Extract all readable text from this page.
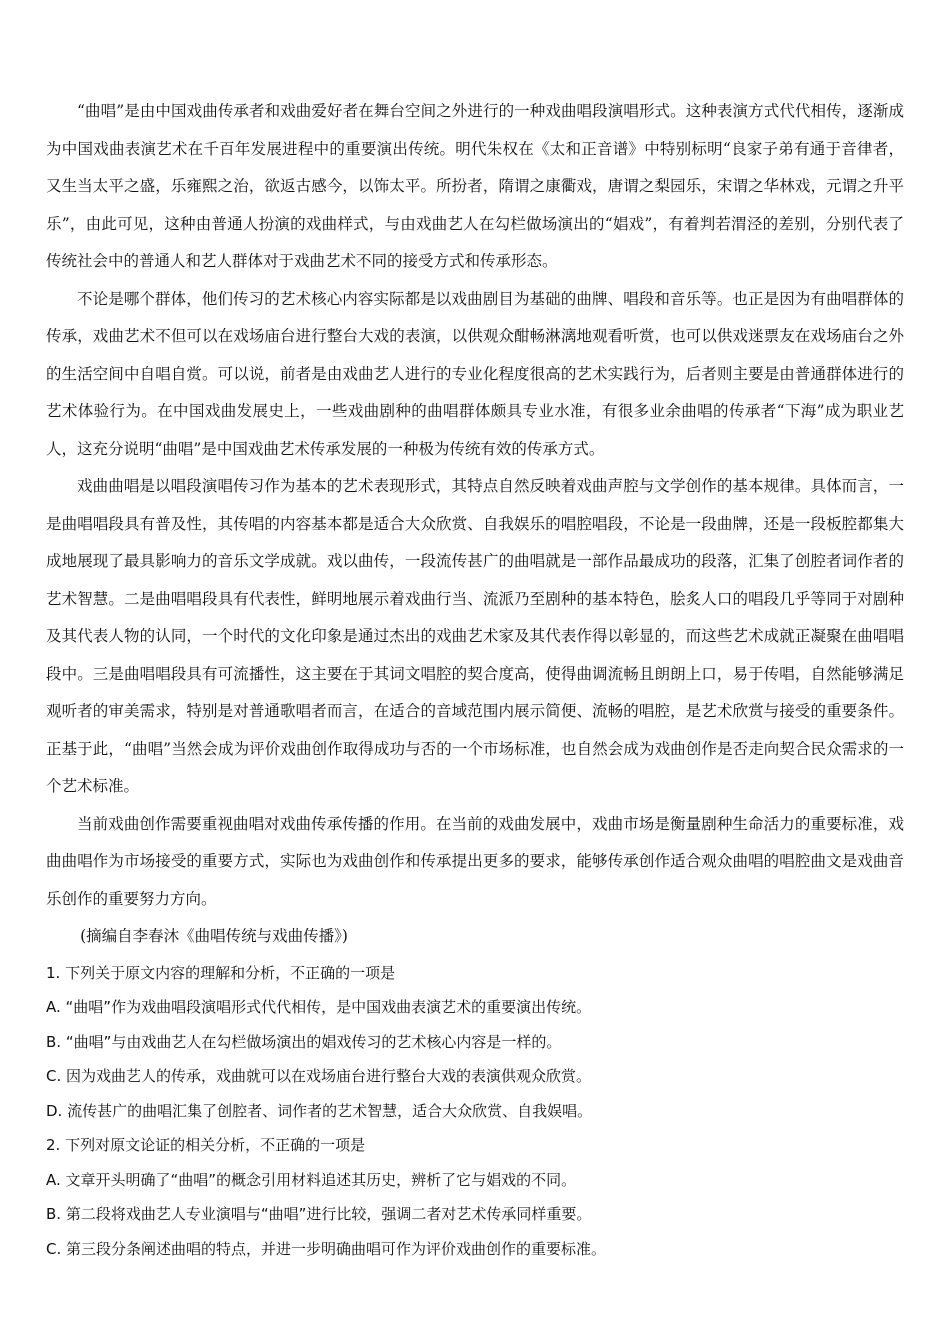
“曲唱”是由中国戏曲传承者和戏曲爱好者在舞台空间之外进行的一种戏曲唱段演唱形式。这种表演方式代代相传，逐渐成为中国戏曲表演艺术在千百年发展进程中的重要演出传统。明代朱权在《太和正音谱》中特别标明“良家子弟有通于音律者，又生当太平之盛，乐雍熙之治，欲返古感今，以饰太平。所扮者，隋谓之康衢戏，唐谓之梨园乐，宋谓之华林戏，元谓之升平乐”，由此可见，这种由普通人扮演的戏曲样式，与由戏曲艺人在勾栏做场演出的“娼戏”，有着判若渭泾的差别，分别代表了传统社会中的普通人和艺人群体对于戏曲艺术不同的接受方式和传承形态。

不论是哪个群体，他们传习的艺术核心内容实际都是以戏曲剧目为基础的曲牌、唱段和音乐等。也正是因为有曲唱群体的传承，戏曲艺术不但可以在戏场庙台进行整台大戏的表演，以供观众酣畅淋漓地观看听赏，也可以供戏迷票友在戏场庙台之外的生活空间中自唱自赏。可以说，前者是由戏曲艺人进行的专业化程度很高的艺术实践行为，后者则主要是由普通群体进行的艺术体验行为。在中国戏曲发展史上，一些戏曲剧种的曲唱群体颇具专业水准，有很多业余曲唱的传承者“下海”成为职业艺人，这充分说明“曲唱”是中国戏曲艺术传承发展的一种极为传统有效的传承方式。

戏曲曲唱是以唱段演唱传习作为基本的艺术表现形式，其特点自然反映着戏曲声腔与文学创作的基本规律。具体而言，一是曲唱唱段具有普及性，其传唱的内容基本都是适合大众欣赏、自我娱乐的唱腔唱段，不论是一段曲牌，还是一段板腔都集大成地展现了最具影响力的音乐文学成就。戏以曲传，一段流传甚广的曲唱就是一部作品最成功的段落，汇集了创腔者词作者的艺术智慧。二是曲唱唱段具有代表性，鲜明地展示着戏曲行当、流派乃至剧种的基本特色，脍炙人口的唱段几乎等同于对剧种及其代表人物的认同，一个时代的文化印象是通过杰出的戏曲艺术家及其代表作得以彰显的，而这些艺术成就正凝聚在曲唱唱段中。三是曲唱唱段具有可流播性，这主要在于其词文唱腔的契合度高，使得曲调流畅且朗朗上口，易于传唱，自然能够满足观听者的审美需求，特别是对普通歌唱者而言，在适合的音域范围内展示简便、流畅的唱腔，是艺术欣赏与接受的重要条件。正基于此，“曲唱”当然会成为评价戏曲创作取得成功与否的一个市场标准，也自然会成为戏曲创作是否走向契合民众需求的一个艺术标准。

当前戏曲创作需要重视曲唱对戏曲传承传播的作用。在当前的戏曲发展中，戏曲市场是衡量剧种生命活力的重要标准，戏曲曲唱作为市场接受的重要方式，实际也为戏曲创作和传承提出更多的要求，能够传承创作适合观众曲唱的唱腔曲文是戏曲音乐创作的重要努力方向。

(摘编自李春沐《曲唱传统与戏曲传播》)

1. 下列关于原文内容的理解和分析，不正确的一项是

A. “曲唱”作为戏曲唱段演唱形式代代相传，是中国戏曲表演艺术的重要演出传统。

B. “曲唱”与由戏曲艺人在勾栏做场演出的娼戏传习的艺术核心内容是一样的。

C. 因为戏曲艺人的传承，戏曲就可以在戏场庙台进行整台大戏的表演供观众欣赏。

D. 流传甚广的曲唱汇集了创腔者、词作者的艺术智慧，适合大众欣赏、自我娱唱。

2. 下列对原文论证的相关分析，不正确的一项是

A. 文章开头明确了“曲唱”的概念引用材料追述其历史，辨析了它与娼戏的不同。

B. 第二段将戏曲艺人专业演唱与“曲唱”进行比较，强调二者对艺术传承同样重要。

C. 第三段分条阐述曲唱的特点，并进一步明确曲唱可作为评价戏曲创作的重要标准。
